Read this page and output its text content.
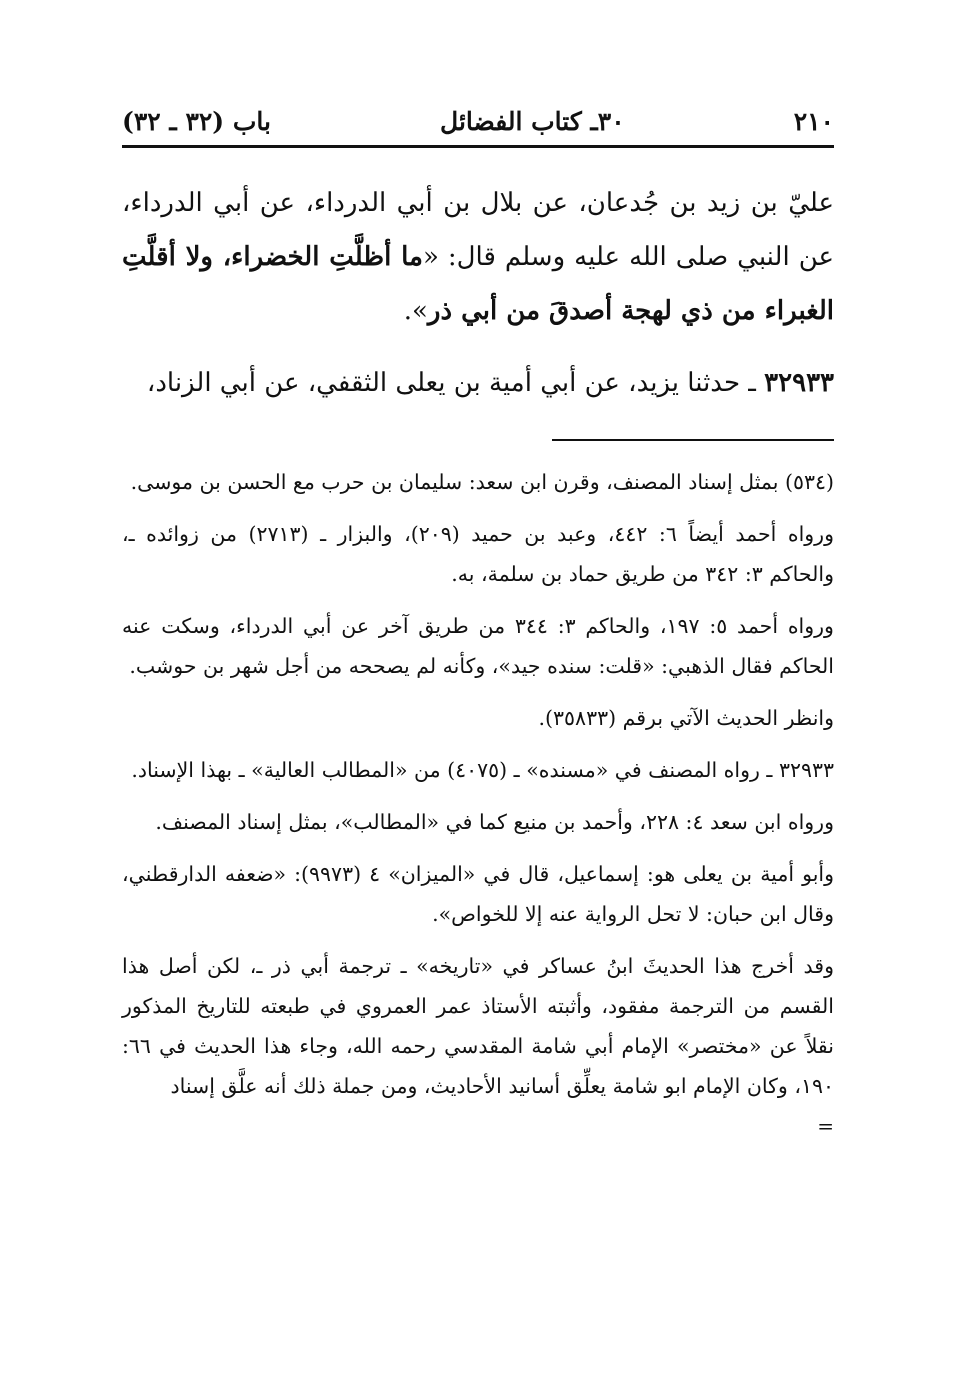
٢١٠
٣٠ـ كتاب الفضائل
باب (٣٢ ـ ٣٢)

عليّ بن زيد بن جُدعان، عن بلال بن أبي الدرداء، عن أبي الدرداء، عن النبي صلى الله عليه وسلم قال: «ما أظلَّتِ الخضراء، ولا أقلَّتِ الغبراء من ذي لهجة أصدقَ من أبي ذر».

٣٢٩٣٣ ـ حدثنا يزيد، عن أبي أمية بن يعلى الثقفي، عن أبي الزناد،

(٥٣٤) بمثل إسناد المصنف، وقرن ابن سعد: سليمان بن حرب مع الحسن بن موسى.

ورواه أحمد أيضاً ٦: ٤٤٢، وعبد بن حميد (٢٠٩)، والبزار ـ (٢٧١٣) من زوائده ـ، والحاكم ٣: ٣٤٢ من طريق حماد بن سلمة، به.

ورواه أحمد ٥: ١٩٧، والحاكم ٣: ٣٤٤ من طريق آخر عن أبي الدرداء، وسكت عنه الحاكم فقال الذهبي: «قلت: سنده جيد»، وكأنه لم يصححه من أجل شهر بن حوشب.

وانظر الحديث الآتي برقم (٣٥٨٣٣).

٣٢٩٣٣ ـ رواه المصنف في «مسنده» ـ (٤٠٧٥) من «المطالب العالية» ـ بهذا الإسناد.

ورواه ابن سعد ٤: ٢٢٨، وأحمد بن منيع كما في «المطالب»، بمثل إسناد المصنف.

وأبو أمية بن يعلى هو: إسماعيل، قال في «الميزان» ٤ (٩٩٧٣): «ضعفه الدارقطني، وقال ابن حبان: لا تحل الرواية عنه إلا للخواص».

وقد أخرج هذا الحديثَ ابنُ عساكر في «تاريخه» ـ ترجمة أبي ذر ـ، لكن أصل هذا القسم من الترجمة مفقود، وأثبته الأستاذ عمر العمروي في طبعته للتاريخ المذكور نقلاً عن «مختصر» الإمام أبي شامة المقدسي رحمه الله، وجاء هذا الحديث في ٦٦: ١٩٠، وكان الإمام ابو شامة يعلِّق أسانيد الأحاديث، ومن جملة ذلك أنه علَّق إسناد

=
